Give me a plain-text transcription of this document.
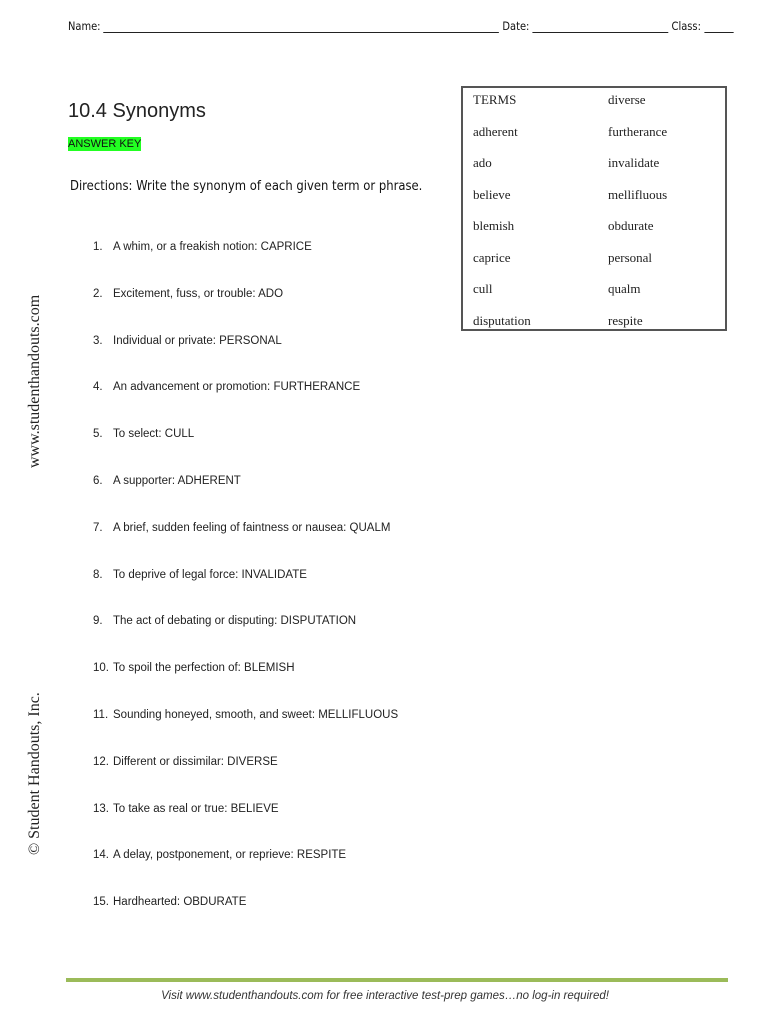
Name:	Date:	Class:
10.4 Synonyms
ANSWER KEY
Directions: Write the synonym of each given term or phrase.
TERMS
adherent
ado
believe
blemish
caprice
cull
disputation
diverse
furtherance
invalidate
mellifluous
obdurate
personal
qualm
respite
1. A whim, or a freakish notion: CAPRICE
2. Excitement, fuss, or trouble: ADO
3. Individual or private: PERSONAL
4. An advancement or promotion: FURTHERANCE
5. To select: CULL
6. A supporter: ADHERENT
7. A brief, sudden feeling of faintness or nausea: QUALM
8. To deprive of legal force: INVALIDATE
9. The act of debating or disputing: DISPUTATION
10. To spoil the perfection of: BLEMISH
11. Sounding honeyed, smooth, and sweet: MELLIFLUOUS
12. Different or dissimilar: DIVERSE
13. To take as real or true: BELIEVE
14. A delay, postponement, or reprieve: RESPITE
15. Hardhearted: OBDURATE
www.studenthandouts.com
© Student Handouts, Inc.
Visit www.studenthandouts.com for free interactive test-prep games…no log-in required!
